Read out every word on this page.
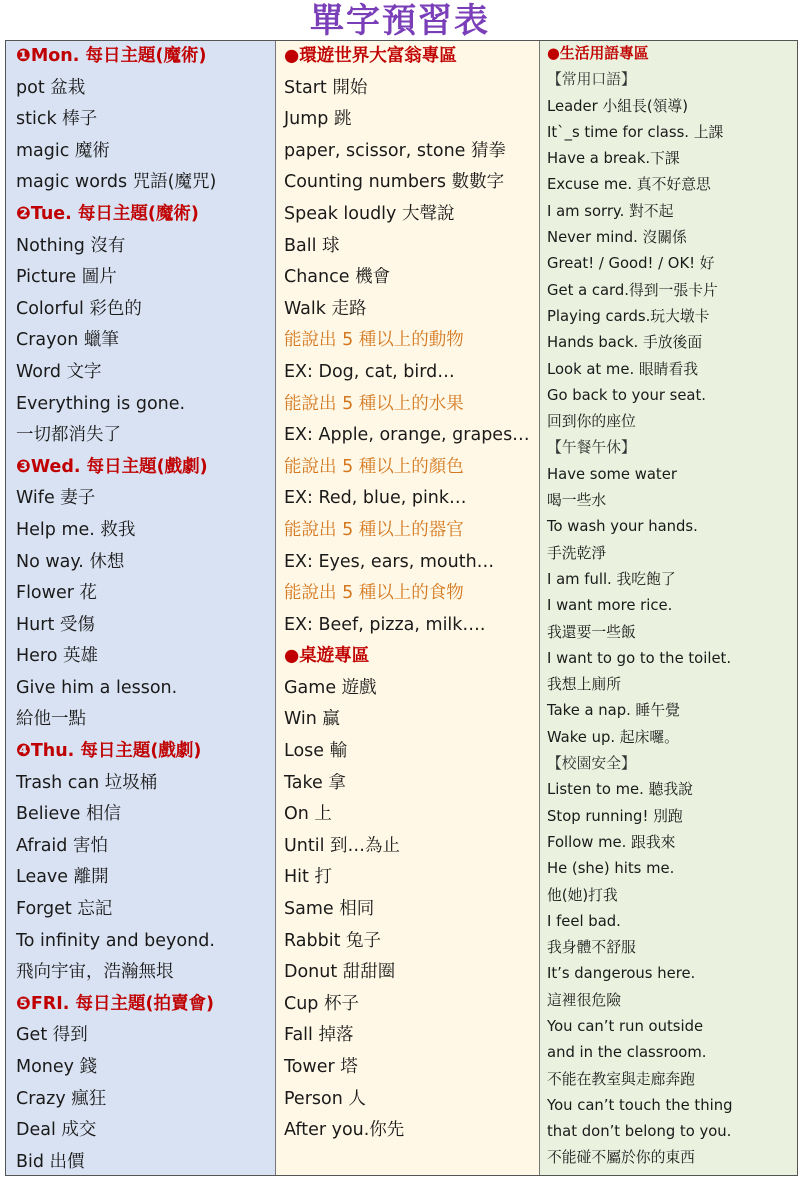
單字預習表
❶Mon. 每日主題(魔術)
pot 盆栽
stick 棒子
magic 魔術
magic words 咒語(魔咒)
❷Tue. 每日主題(魔術)
Nothing 沒有
Picture 圖片
Colorful 彩色的
Crayon 蠟筆
Word 文字
Everything is gone.
一切都消失了
❸Wed. 每日主題(戲劇)
Wife 妻子
Help me. 救我
No way. 休想
Flower 花
Hurt 受傷
Hero 英雄
Give him a lesson.
給他一點
❹Thu. 每日主題(戲劇)
Trash can 垃圾桶
Believe 相信
Afraid 害怕
Leave 離開
Forget 忘記
To infinity and beyond.
飛向宇宙，浩瀚無垠
❺FRI. 每日主題(拍賣會)
Get 得到
Money 錢
Crazy 瘋狂
Deal 成交
Bid 出價
●環遊世界大富翁專區
Start 開始
Jump 跳
paper, scissor, stone 猜拳
Counting numbers 數數字
Speak loudly 大聲說
Ball 球
Chance 機會
Walk 走路
能說出 5 種以上的動物
EX: Dog, cat, bird…
能說出 5 種以上的水果
EX: Apple, orange, grapes…
能說出 5 種以上的顏色
EX: Red, blue, pink…
能說出 5 種以上的器官
EX: Eyes, ears, mouth…
能說出 5 種以上的食物
EX: Beef, pizza, milk….
●桌遊專區
Game 遊戲
Win 贏
Lose 輸
Take 拿
On 上
Until 到…為止
Hit 打
Same 相同
Rabbit 兔子
Donut 甜甜圈
Cup 杯子
Fall 掉落
Tower 塔
Person 人
After you.你先
●生活用語專區
【常用口語】
Leader 小組長(領導)
It`_s time for class. 上課
Have a break.下課
Excuse me. 真不好意思
I am sorry. 對不起
Never mind. 沒關係
Great! / Good! / OK! 好
Get a card.得到一張卡片
Playing cards.玩大墩卡
Hands back. 手放後面
Look at me. 眼睛看我
Go back to your seat.
回到你的座位
【午餐午休】
Have some water
喝一些水
To wash your hands.
手洗乾淨
I am full. 我吃飽了
I want more rice.
我還要一些飯
I want to go to the toilet.
我想上廁所
Take a nap. 睡午覺
Wake up. 起床囉。
【校園安全】
Listen to me. 聽我說
Stop running! 別跑
Follow me. 跟我來
He (she) hits me.
他(她)打我
I feel bad.
我身體不舒服
It’s dangerous here.
這裡很危險
You can’t run outside
and in the classroom.
不能在教室與走廊奔跑
You can’t touch the thing
that don’t belong to you.
不能碰不屬於你的東西
